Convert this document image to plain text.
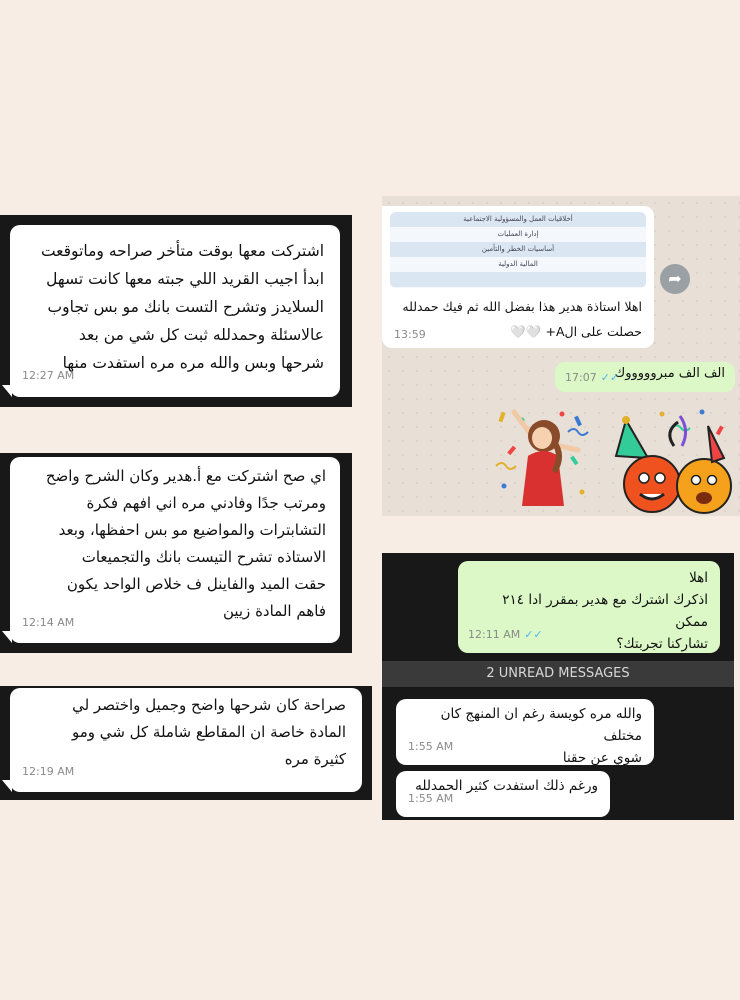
اشتركت معها بوقت متأخر صراحه وماتوقعت
ابدأ اجيب القريد اللي جبته معها كانت تسهل
السلايدز وتشرح التست بانك مو بس تجاوب
عالاسئلة وحمدلله ثبت كل شي من بعد
شرحها وبس والله مره مره استفدت منها
12:27 AM
اي صح اشتركت مع أ.هدير وكان الشرح واضح
ومرتب جدًا وفادني مره اني افهم فكرة
التشابترات والمواضيع مو بس احفظها، وبعد
الاستاذه تشرح التيست بانك والتجميعات
حقت الميد والفاينل ف خلاص الواحد يكون
فاهم المادة زيين
12:14 AM
صراحة كان شرحها واضح وجميل واختصر لي
المادة خاصة ان المقاطع شاملة كل شي ومو
كثيرة مره
12:19 AM
أخلاقيات العمل والمسؤولية الاجتماعية
إدارة العمليات
أساسيات الخطر والتأمين
المالية الدولية
اهلا استاذة هدير هذا بفضل الله ثم فيك حمدلله
حصلت على الA+ 🤍🤍
13:59
➦
الف الف مبروووووك
17:07 ✓✓
اهلا
اذكرك اشترك مع هدير بمقرر ادا ٢١٤ ممكن
تشاركنا تجربتك؟
12:11 AM ✓✓
2 UNREAD MESSAGES
والله مره كويسة رغم ان المنهج كان مختلف
شوي عن حقنا
1:55 AM
ورغم ذلك استفدت كثير الحمدلله
1:55 AM
